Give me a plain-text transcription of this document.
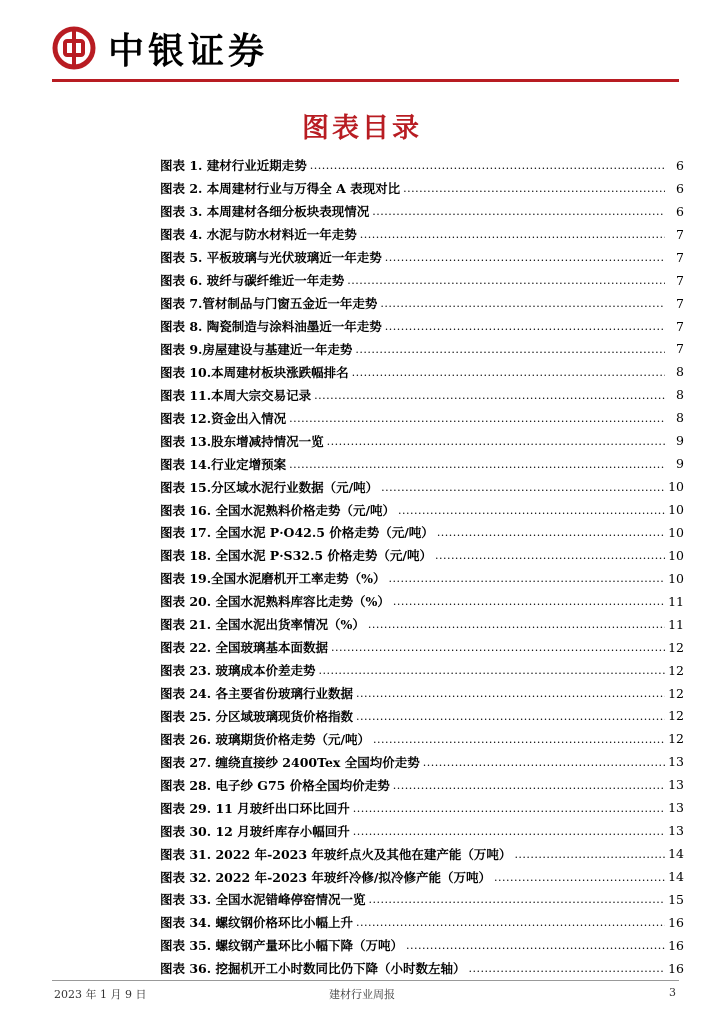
中银证券
图表目录
图表 1. 建材行业近期走势 .....	6
图表 2. 本周建材行业与万得全 A 表现对比 .....	6
图表 3. 本周建材各细分板块表现情况 .....	6
图表 4. 水泥与防水材料近一年走势 .....	7
图表 5. 平板玻璃与光伏玻璃近一年走势 .....	7
图表 6. 玻纤与碳纤维近一年走势 .....	7
图表 7.管材制品与门窗五金近一年走势 .....	7
图表 8. 陶瓷制造与涂料油墨近一年走势 .....	7
图表 9.房屋建设与基建近一年走势 .....	7
图表 10.本周建材板块涨跌幅排名 .....	8
图表 11.本周大宗交易记录 .....	8
图表 12.资金出入情况 .....	8
图表 13.股东增减持情况一览 .....	9
图表 14.行业定增预案 .....	9
图表 15.分区域水泥行业数据（元/吨） .....	10
图表 16. 全国水泥熟料价格走势（元/吨） .....	10
图表 17. 全国水泥 P·O42.5 价格走势（元/吨） .....	10
图表 18. 全国水泥 P·S32.5 价格走势（元/吨） .....	10
图表 19.全国水泥磨机开工率走势（%） .....	10
图表 20. 全国水泥熟料库容比走势（%） .....	11
图表 21. 全国水泥出货率情况（%） .....	11
图表 22. 全国玻璃基本面数据 .....	12
图表 23. 玻璃成本价差走势 .....	12
图表 24. 各主要省份玻璃行业数据 .....	12
图表 25. 分区域玻璃现货价格指数 .....	12
图表 26. 玻璃期货价格走势（元/吨） .....	12
图表 27. 缠绕直接纱 2400Tex 全国均价走势 .....	13
图表 28. 电子纱 G75 价格全国均价走势 .....	13
图表 29. 11 月玻纤出口环比回升 .....	13
图表 30. 12 月玻纤库存小幅回升 .....	13
图表 31. 2022 年-2023 年玻纤点火及其他在建产能（万吨） .....	14
图表 32. 2022 年-2023 年玻纤冷修/拟冷修产能（万吨） .....	14
图表 33. 全国水泥错峰停窑情况一览 .....	15
图表 34. 螺纹钢价格环比小幅上升 .....	16
图表 35. 螺纹钢产量环比小幅下降（万吨） .....	16
图表 36. 挖掘机开工小时数同比仍下降（小时数左轴） .....	16
2023 年 1 月 9 日	建材行业周报	3
